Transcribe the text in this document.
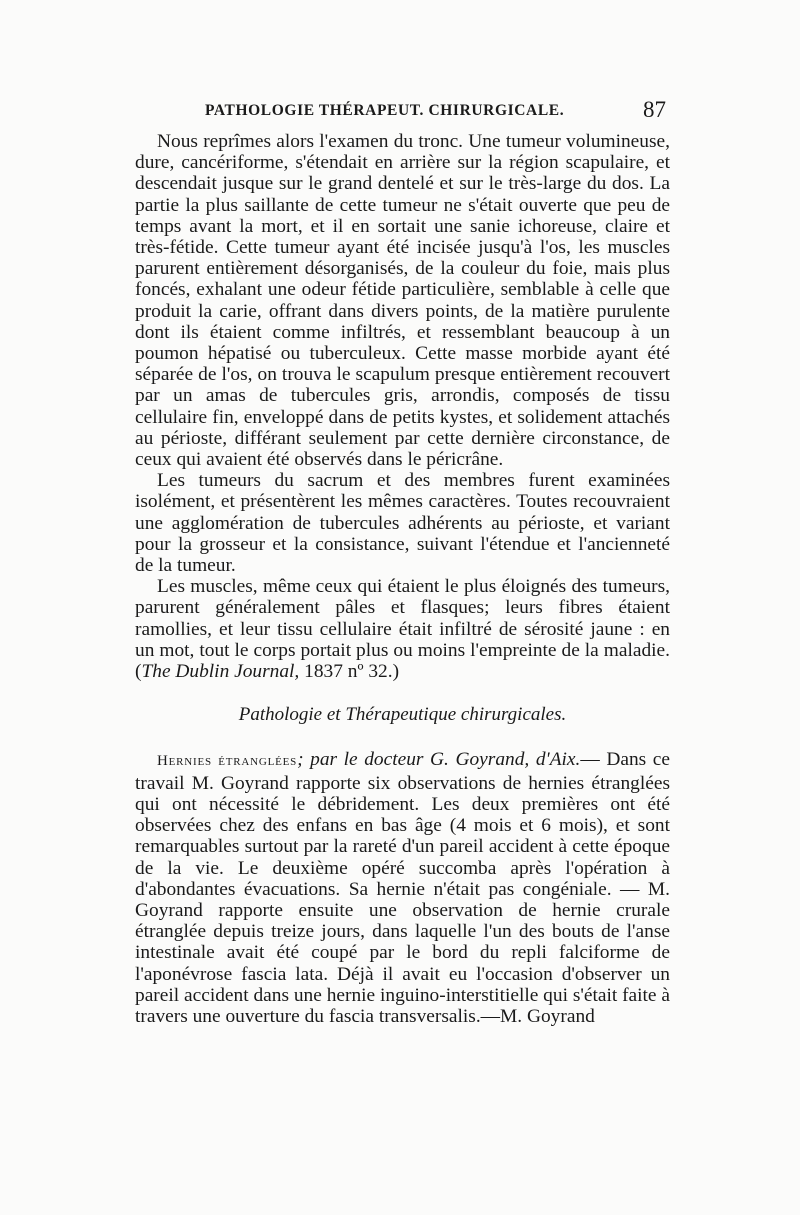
PATHOLOGIE THÉRAPEUT. CHIRURGICALE.	87

Nous reprîmes alors l'examen du tronc. Une tumeur volumineuse, dure, cancériforme, s'étendait en arrière sur la région scapulaire, et descendait jusque sur le grand dentelé et sur le très-large du dos. La partie la plus saillante de cette tumeur ne s'était ouverte que peu de temps avant la mort, et il en sortait une sanie ichoreuse, claire et très-fétide. Cette tumeur ayant été incisée jusqu'à l'os, les muscles parurent entièrement désorganisés, de la couleur du foie, mais plus foncés, exhalant une odeur fétide particulière, semblable à celle que produit la carie, offrant dans divers points, de la matière purulente dont ils étaient comme infiltrés, et ressemblant beaucoup à un poumon hépatisé ou tuberculeux. Cette masse morbide ayant été séparée de l'os, on trouva le scapulum presque entièrement recouvert par un amas de tubercules gris, arrondis, composés de tissu cellulaire fin, enveloppé dans de petits kystes, et solidement attachés au périoste, différant seulement par cette dernière circonstance, de ceux qui avaient été observés dans le péricrâne.

Les tumeurs du sacrum et des membres furent examinées isolément, et présentèrent les mêmes caractères. Toutes recouvraient une agglomération de tubercules adhérents au périoste, et variant pour la grosseur et la consistance, suivant l'étendue et l'ancienneté de la tumeur.

Les muscles, même ceux qui étaient le plus éloignés des tumeurs, parurent généralement pâles et flasques; leurs fibres étaient ramollies, et leur tissu cellulaire était infiltré de sérosité jaune : en un mot, tout le corps portait plus ou moins l'empreinte de la maladie. (The Dublin Journal, 1837 nº 32.)

Pathologie et Thérapeutique chirurgicales.

Hernies étranglées; par le docteur G. Goyrand, d'Aix.— Dans ce travail M. Goyrand rapporte six observations de hernies étranglées qui ont nécessité le débridement. Les deux premières ont été observées chez des enfans en bas âge (4 mois et 6 mois), et sont remarquables surtout par la rareté d'un pareil accident à cette époque de la vie. Le deuxième opéré succomba après l'opération à d'abondantes évacuations. Sa hernie n'était pas congéniale. — M. Goyrand rapporte ensuite une observation de hernie crurale étranglée depuis treize jours, dans laquelle l'un des bouts de l'anse intestinale avait été coupé par le bord du repli falciforme de l'aponévrose fascia lata. Déjà il avait eu l'occasion d'observer un pareil accident dans une hernie inguino-interstitielle qui s'était faite à travers une ouverture du fascia transversalis.—M. Goyrand
